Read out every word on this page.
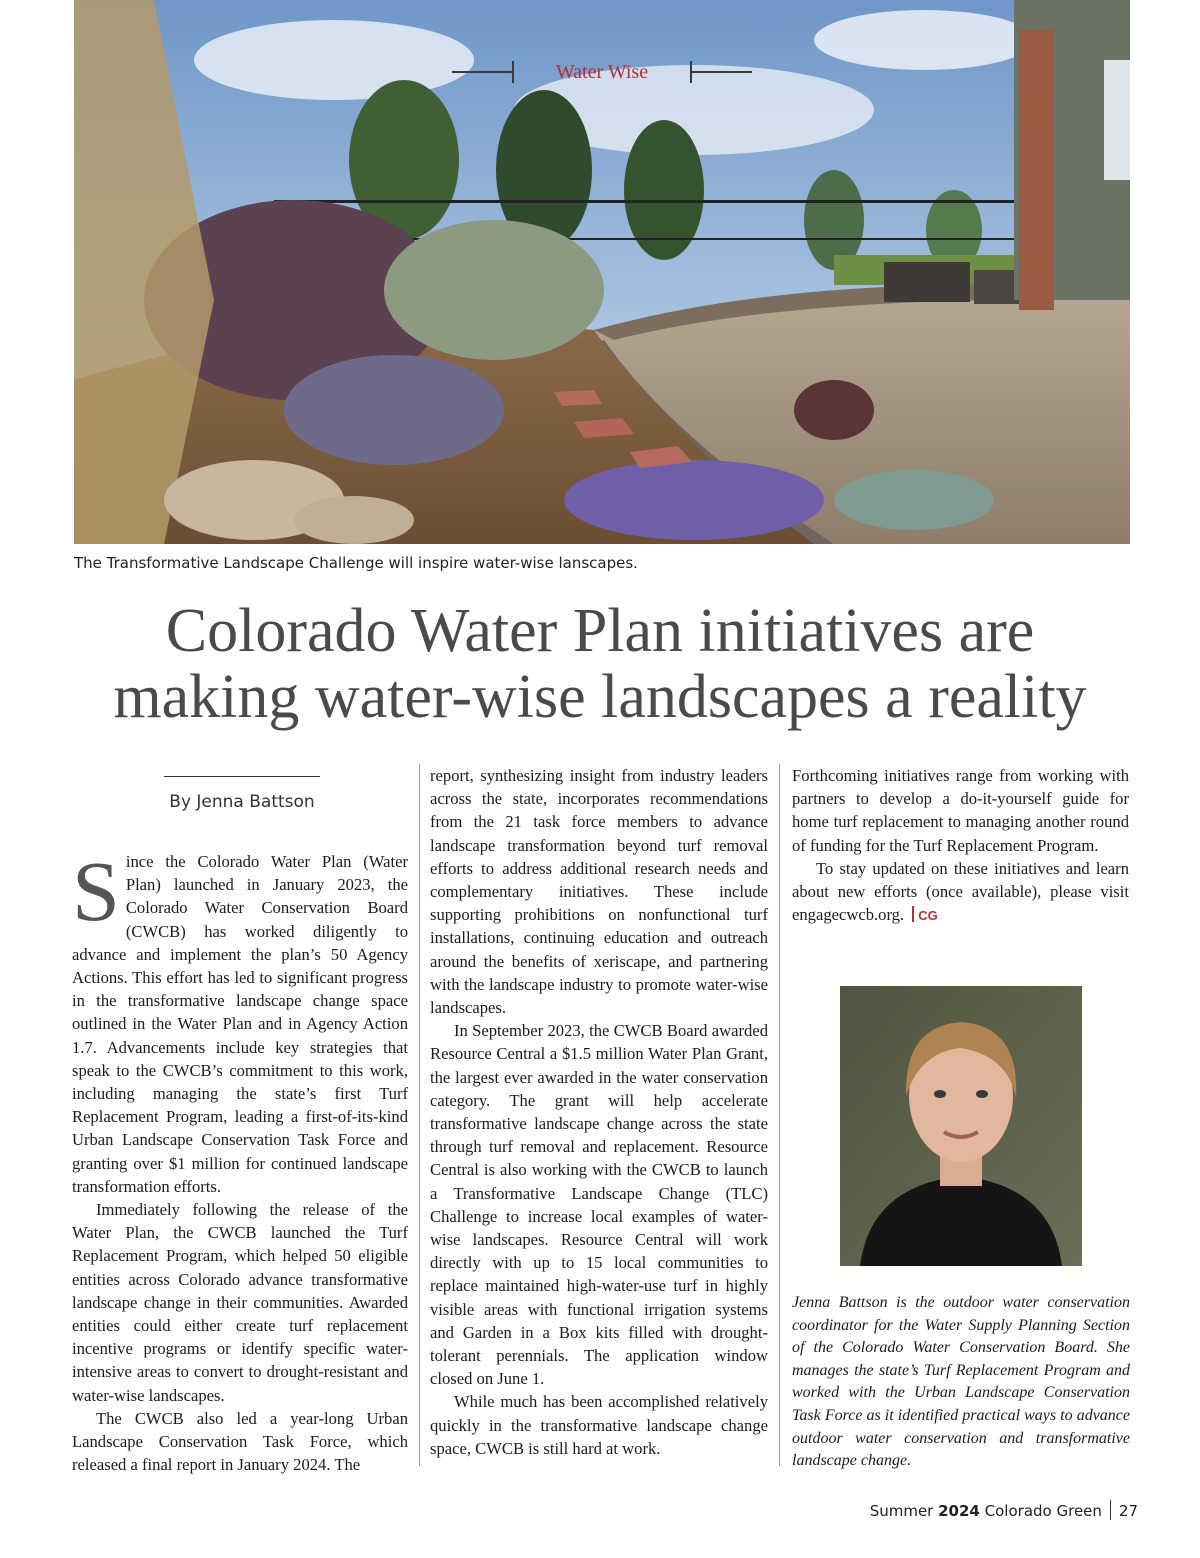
Water Wise
The Transformative Landscape Challenge will inspire water-wise lanscapes.
Colorado Water Plan initiatives are
making water-wise landscapes a reality
By Jenna Battson

Since the Colorado Water Plan (Water Plan) launched in January 2023, the Colorado Water Conservation Board (CWCB) has worked diligently to advance and implement the plan’s 50 Agency Actions. This effort has led to significant progress in the transformative landscape change space outlined in the Water Plan and in Agency Action 1.7. Advancements include key strategies that speak to the CWCB’s commitment to this work, including managing the state’s first Turf Replacement Program, leading a first-of-its-kind Urban Landscape Conservation Task Force and granting over $1 million for continued landscape transformation efforts.

Immediately following the release of the Water Plan, the CWCB launched the Turf Replacement Program, which helped 50 eligible entities across Colorado advance transformative landscape change in their communities. Awarded entities could either create turf replacement incentive programs or identify specific water-intensive areas to convert to drought-resistant and water-wise landscapes.

The CWCB also led a year-long Urban Landscape Conservation Task Force, which released a final report in January 2024. The

report, synthesizing insight from industry leaders across the state, incorporates recommendations from the 21 task force members to advance landscape transformation beyond turf removal efforts to address additional research needs and complementary initiatives. These include supporting prohibitions on nonfunctional turf installations, continuing education and outreach around the benefits of xeriscape, and partnering with the landscape industry to promote water-wise landscapes.

In September 2023, the CWCB Board awarded Resource Central a $1.5 million Water Plan Grant, the largest ever awarded in the water conservation category. The grant will help accelerate transformative landscape change across the state through turf removal and replacement. Resource Central is also working with the CWCB to launch a Transformative Landscape Change (TLC) Challenge to increase local examples of water-wise landscapes. Resource Central will work directly with up to 15 local communities to replace maintained high-water-use turf in highly visible areas with functional irrigation systems and Garden in a Box kits filled with drought-tolerant perennials. The application window closed on June 1.

While much has been accomplished relatively quickly in the transformative landscape change space, CWCB is still hard at work.

Forthcoming initiatives range from working with partners to develop a do-it-yourself guide for home turf replacement to managing another round of funding for the Turf Replacement Program.

To stay updated on these initiatives and learn about new efforts (once available), please visit engagecwcb.org. CG

Jenna Battson is the outdoor water conservation coordinator for the Water Supply Planning Section of the Colorado Water Conservation Board. She manages the state’s Turf Replacement Program and worked with the Urban Landscape Conservation Task Force as it identified practical ways to advance outdoor water conservation and transformative landscape change.
Summer 2024 Colorado Green 27
